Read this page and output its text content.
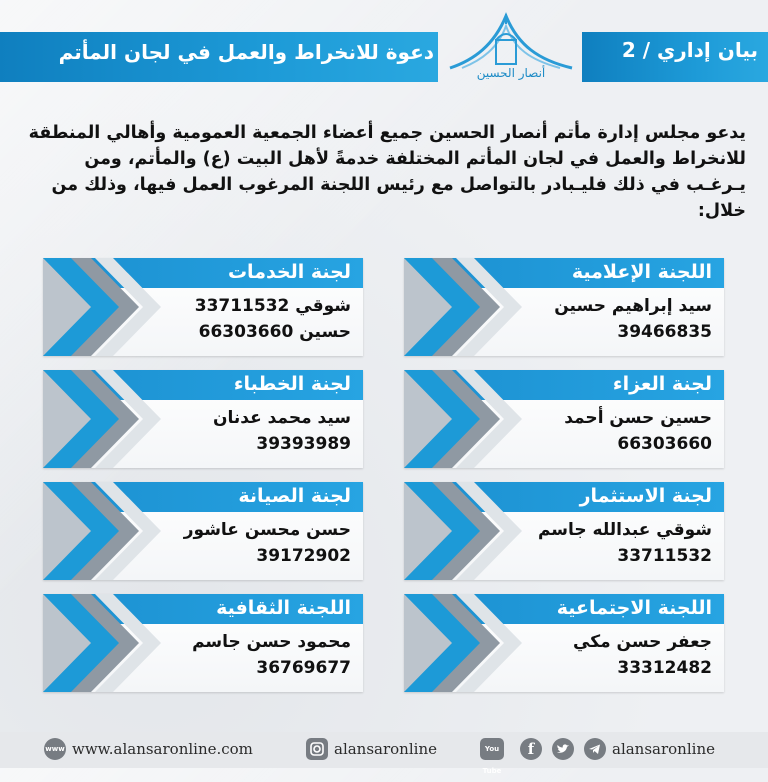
بيان إداري / 2
دعوة للانخراط والعمل في لجان المأتم
أنصار الحسين
يدعو مجلس إدارة مأتم أنصار الحسين جميع أعضاء الجمعية العمومية وأهالي المنطقة للانخراط والعمل في لجان المأتم المختلفة خدمةً لأهل البيت (ع) والمأتم، ومن يـرغـب في ذلك فليـبادر بالتواصل مع رئيس اللجنة المرغوب العمل فيها، وذلك من خلال:
اللجنة الإعلامية
سيد إبراهيم حسين
39466835
لجنة الخدمات
شوقي 33711532
حسين 66303660
لجنة العزاء
حسين حسن أحمد
66303660
لجنة الخطباء
سيد محمد عدنان
39393989
لجنة الاستثمار
شوقي عبدالله جاسم
33711532
لجنة الصيانة
حسن محسن عاشور
39172902
اللجنة الاجتماعية
جعفر حسن مكي
33312482
اللجنة الثقافية
محمود حسن جاسم
36769677
www www.alansaronline.com	alansaronline	You Tube
f	alansaronline
